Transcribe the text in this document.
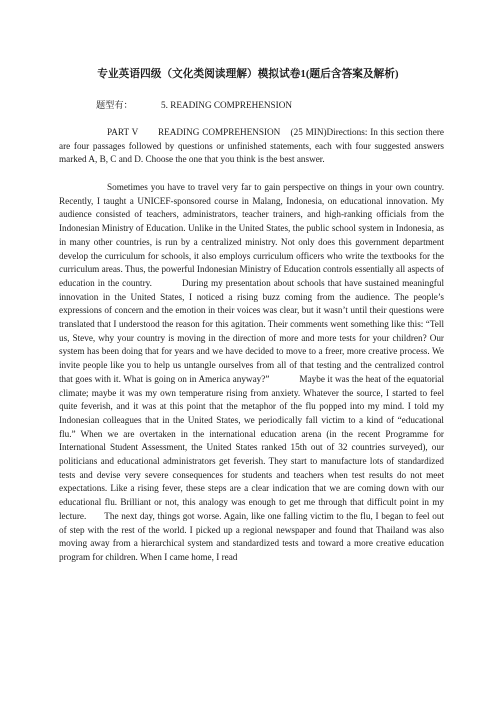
专业英语四级（文化类阅读理解）模拟试卷1(题后含答案及解析)
题型有：	5. READING COMPREHENSION
PART V　　READING COMPREHENSION　(25 MIN)Directions: In this section there are four passages followed by questions or unfinished statements, each with four suggested answers marked A, B, C and D. Choose the one that you think is the best answer.
Sometimes you have to travel very far to gain perspective on things in your own country. Recently, I taught a UNICEF-sponsored course in Malang, Indonesia, on educational innovation. My audience consisted of teachers, administrators, teacher trainers, and high-ranking officials from the Indonesian Ministry of Education. Unlike in the United States, the public school system in Indonesia, as in many other countries, is run by a centralized ministry. Not only does this government department develop the curriculum for schools, it also employs curriculum officers who write the textbooks for the curriculum areas. Thus, the powerful Indonesian Ministry of Education controls essentially all aspects of education in the country.	During my presentation about schools that have sustained meaningful innovation in the United States, I noticed a rising buzz coming from the audience. The people’s expressions of concern and the emotion in their voices was clear, but it wasn’t until their questions were translated that I understood the reason for this agitation. Their comments went something like this: “Tell us, Steve, why your country is moving in the direction of more and more tests for your children? Our system has been doing that for years and we have decided to move to a freer, more creative process. We invite people like you to help us untangle ourselves from all of that testing and the centralized control that goes with it. What is going on in America anyway?”	Maybe it was the heat of the equatorial climate; maybe it was my own temperature rising from anxiety. Whatever the source, I started to feel quite feverish, and it was at this point that the metaphor of the flu popped into my mind. I told my Indonesian colleagues that in the United States, we periodically fall victim to a kind of “educational flu.” When we are overtaken in the international education arena (in the recent Programme for International Student Assessment, the United States ranked 15th out of 32 countries surveyed), our politicians and educational administrators get feverish. They start to manufacture lots of standardized tests and devise very severe consequences for students and teachers when test results do not meet expectations. Like a rising fever, these steps are a clear indication that we are coming down with our educational flu. Brilliant or not, this analogy was enough to get me through that difficult point in my lecture. The next day, things got worse. Again, like one falling victim to the flu, I began to feel out of step with the rest of the world. I picked up a regional newspaper and found that Thailand was also moving away from a hierarchical system and standardized tests and toward a more creative education program for children. When I came home, I read
